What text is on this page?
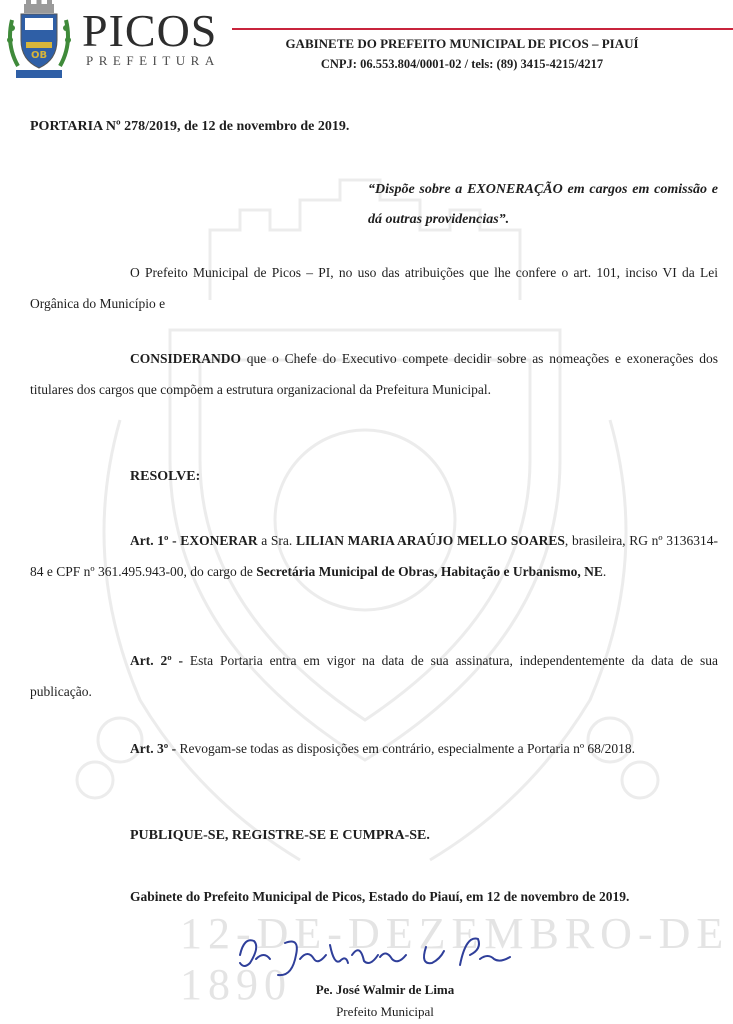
12-DE-DEZEMBRO-DE 1890
OB PICOS
PREFEITURA
GABINETE DO PREFEITO MUNICIPAL DE PICOS – PIAUÍ
CNPJ: 06.553.804/0001-02 / tels: (89) 3415-4215/4217
PORTARIA Nº 278/2019, de 12 de novembro de 2019.
“Dispõe sobre a EXONERAÇÃO em cargos em comissão e dá outras providencias”.

O Prefeito Municipal de Picos – PI, no uso das atribuições que lhe confere o art. 101, inciso VI da Lei Orgânica do Município e

CONSIDERANDO que o Chefe do Executivo compete decidir sobre as nomeações e exonerações dos titulares dos cargos que compõem a estrutura organizacional da Prefeitura Municipal.

RESOLVE:

Art. 1º - EXONERAR a Sra. LILIAN MARIA ARAÚJO MELLO SOARES, brasileira, RG nº 3136314-84 e CPF nº 361.495.943-00, do cargo de Secretária Municipal de Obras, Habitação e Urbanismo, NE.

Art. 2º - Esta Portaria entra em vigor na data de sua assinatura, independentemente da data de sua publicação.

Art. 3º - Revogam-se todas as disposições em contrário, especialmente a Portaria nº 68/2018.

PUBLIQUE-SE, REGISTRE-SE E CUMPRA-SE.

Gabinete do Prefeito Municipal de Picos, Estado do Piauí, em 12 de novembro de 2019.

Pe. José Walmir de Lima
Prefeito Municipal
